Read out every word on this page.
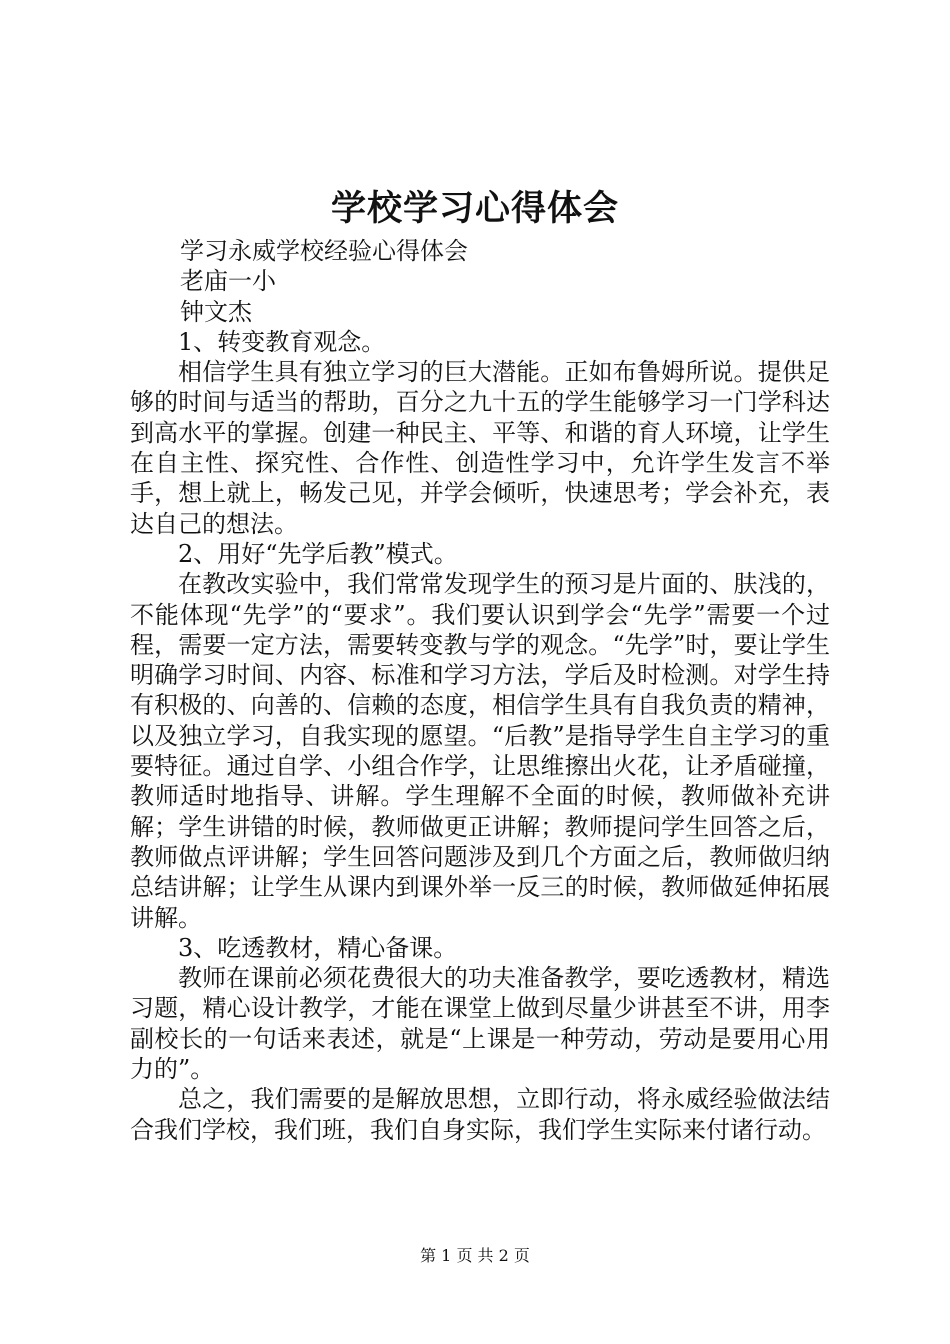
学校学习心得体会

学习永威学校经验心得体会

老庙一小

钟文杰

1、转变教育观念。

相信学生具有独立学习的巨大潜能。正如布鲁姆所说。提供足够的时间与适当的帮助，百分之九十五的学生能够学习一门学科达到高水平的掌握。创建一种民主、平等、和谐的育人环境，让学生在自主性、探究性、合作性、创造性学习中，允许学生发言不举手，想上就上，畅发己见，并学会倾听，快速思考；学会补充，表达自己的想法。

2、用好“先学后教”模式。

在教改实验中，我们常常发现学生的预习是片面的、肤浅的，不能体现“先学”的“要求”。我们要认识到学会“先学”需要一个过程，需要一定方法，需要转变教与学的观念。“先学”时，要让学生明确学习时间、内容、标准和学习方法，学后及时检测。对学生持有积极的、向善的、信赖的态度，相信学生具有自我负责的精神，以及独立学习，自我实现的愿望。“后教”是指导学生自主学习的重要特征。通过自学、小组合作学，让思维擦出火花，让矛盾碰撞，教师适时地指导、讲解。学生理解不全面的时候，教师做补充讲解；学生讲错的时候，教师做更正讲解；教师提问学生回答之后，教师做点评讲解；学生回答问题涉及到几个方面之后，教师做归纳总结讲解；让学生从课内到课外举一反三的时候，教师做延伸拓展讲解。

3、吃透教材，精心备课。

教师在课前必须花费很大的功夫准备教学，要吃透教材，精选习题，精心设计教学，才能在课堂上做到尽量少讲甚至不讲，用李副校长的一句话来表述，就是“上课是一种劳动，劳动是要用心用力的”。

总之，我们需要的是解放思想，立即行动，将永威经验做法结合我们学校，我们班，我们自身实际，我们学生实际来付诸行动。

第 1 页 共 2 页
